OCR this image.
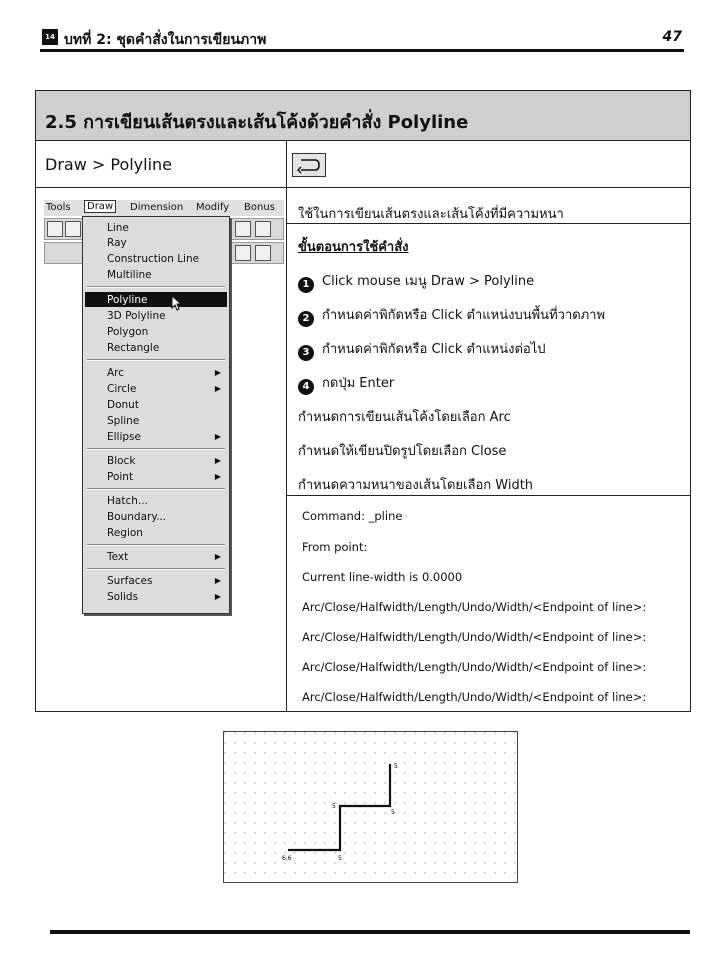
14 บทที่ 2: ชุดคำสั่งในการเขียนภาพ	47
2.5 การเขียนเส้นตรงและเส้นโค้งด้วยคำสั่ง Polyline
Draw > Polyline
Tools	Draw	Dimension Modify Bonus
Line
Ray
Construction Line
Multiline
Polyline
3D Polyline
Polygon
Rectangle
Arc	▶
Circle	▶
Donut
Spline
Ellipse	▶
Block	▶
Point	▶
Hatch...
Boundary...
Region
Text	▶
Surfaces	▶
Solids	▶
ใช้ในการเขียนเส้นตรงและเส้นโค้งที่มีความหนา
ขั้นตอนการใช้คำสั่ง
1 Click mouse เมนู Draw > Polyline
2 กำหนดค่าพิกัดหรือ Click ตำแหน่งบนพื้นที่วาดภาพ
3 กำหนดค่าพิกัดหรือ Click ตำแหน่งต่อไป
4 กดปุ่ม Enter
กำหนดการเขียนเส้นโค้งโดยเลือก Arc
กำหนดให้เขียนปิดรูปโดยเลือก Close
กำหนดความหนาของเส้นโดยเลือก Width
Command: _pline
From point:
Current line-width is 0.0000
Arc/Close/Halfwidth/Length/Undo/Width/<Endpoint of line>:
Arc/Close/Halfwidth/Length/Undo/Width/<Endpoint of line>:
Arc/Close/Halfwidth/Length/Undo/Width/<Endpoint of line>:
Arc/Close/Halfwidth/Length/Undo/Width/<Endpoint of line>:
6,6	5
5
5
5
